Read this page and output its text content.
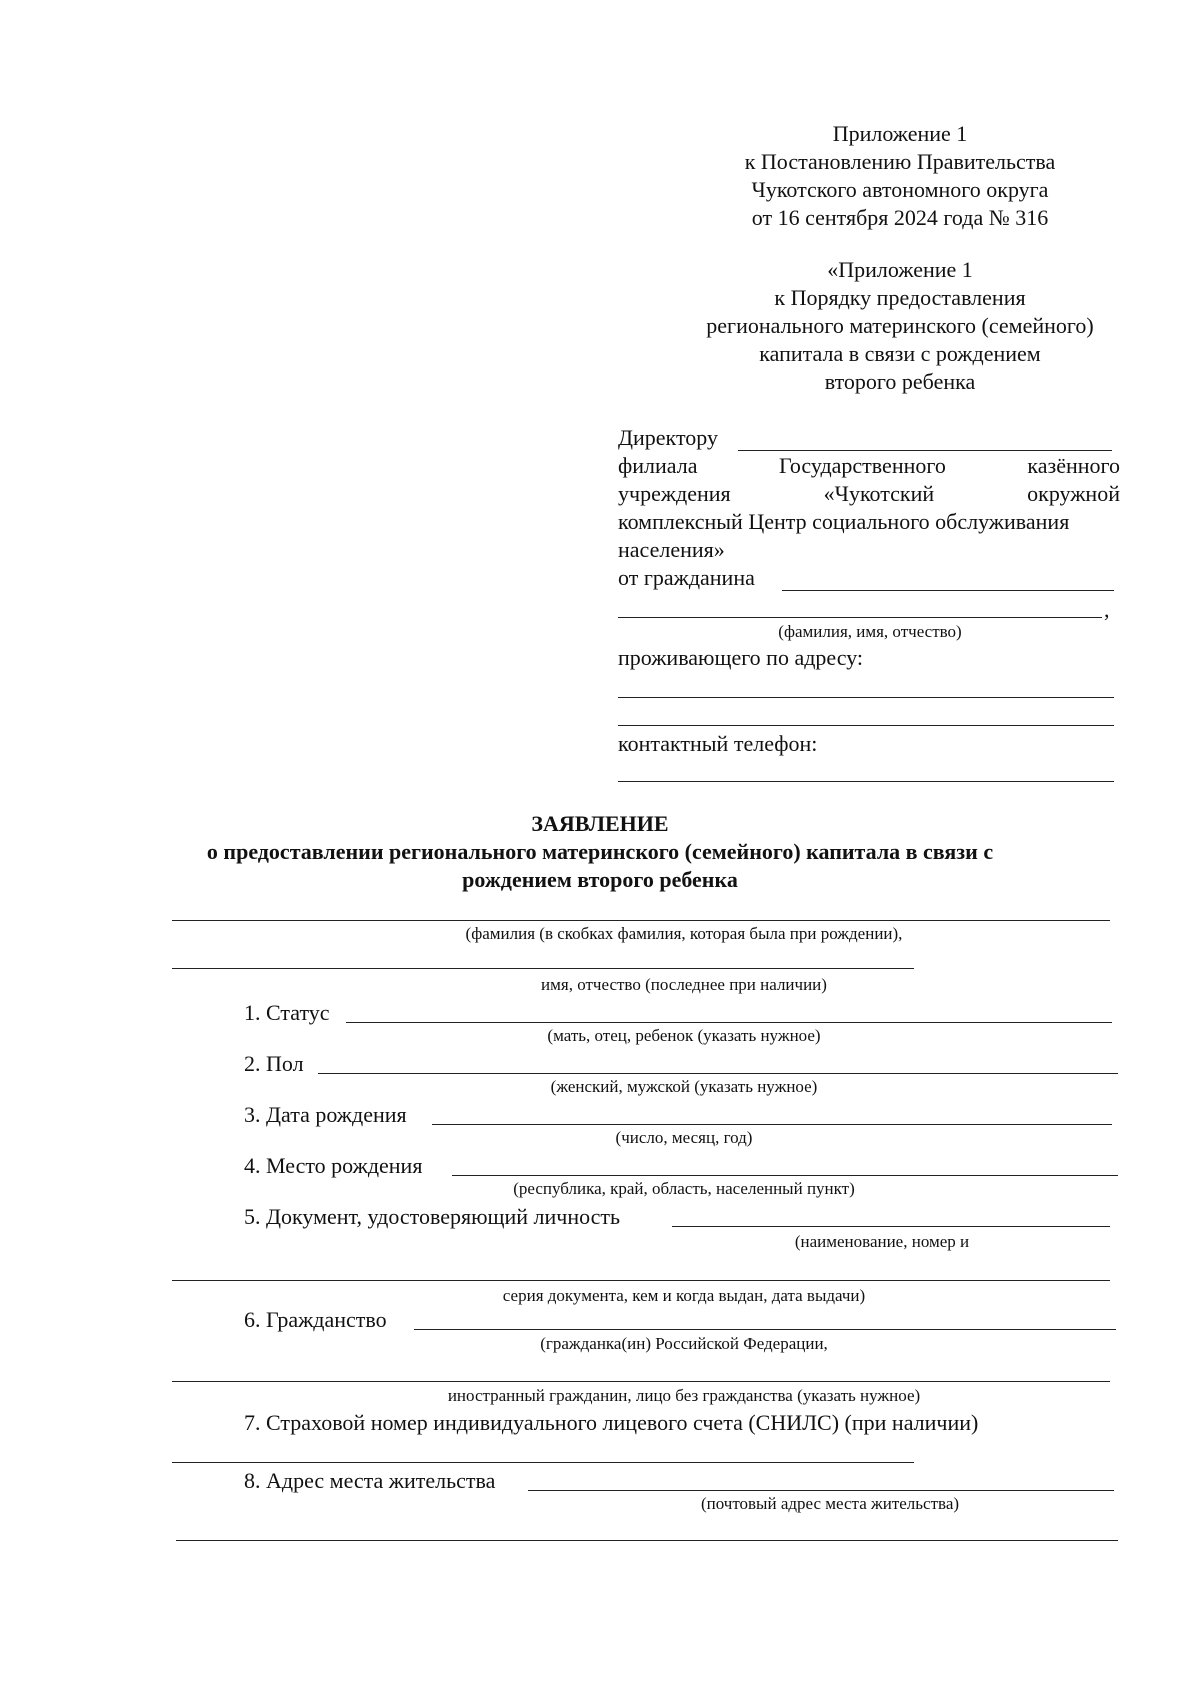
Приложение 1
к Постановлению Правительства
Чукотского автономного округа
от 16 сентября 2024 года № 316
«Приложение 1
к Порядку предоставления
регионального материнского (семейного)
капитала в связи с рождением
второго ребенка
Директору
филиала	Государственного	казённого
учреждения	«Чукотский	окружной
комплексный Центр социального обслуживания
населения»
от гражданина
,
(фамилия, имя, отчество)
проживающего по адресу:
контактный телефон:
ЗАЯВЛЕНИЕ
о предоставлении регионального материнского (семейного) капитала в связи с
рождением второго ребенка
(фамилия (в скобках фамилия, которая была при рождении),
имя, отчество (последнее при наличии)
1. Статус
(мать, отец, ребенок (указать нужное)
2. Пол
(женский, мужской (указать нужное)
3. Дата рождения
(число, месяц, год)
4. Место рождения
(республика, край, область, населенный пункт)
5. Документ, удостоверяющий личность
(наименование, номер и
серия документа, кем и когда выдан, дата выдачи)
6. Гражданство
(гражданка(ин) Российской Федерации,
иностранный гражданин, лицо без гражданства (указать нужное)
7. Страховой номер индивидуального лицевого счета (СНИЛС) (при наличии)
8. Адрес места жительства
(почтовый адрес места жительства)
